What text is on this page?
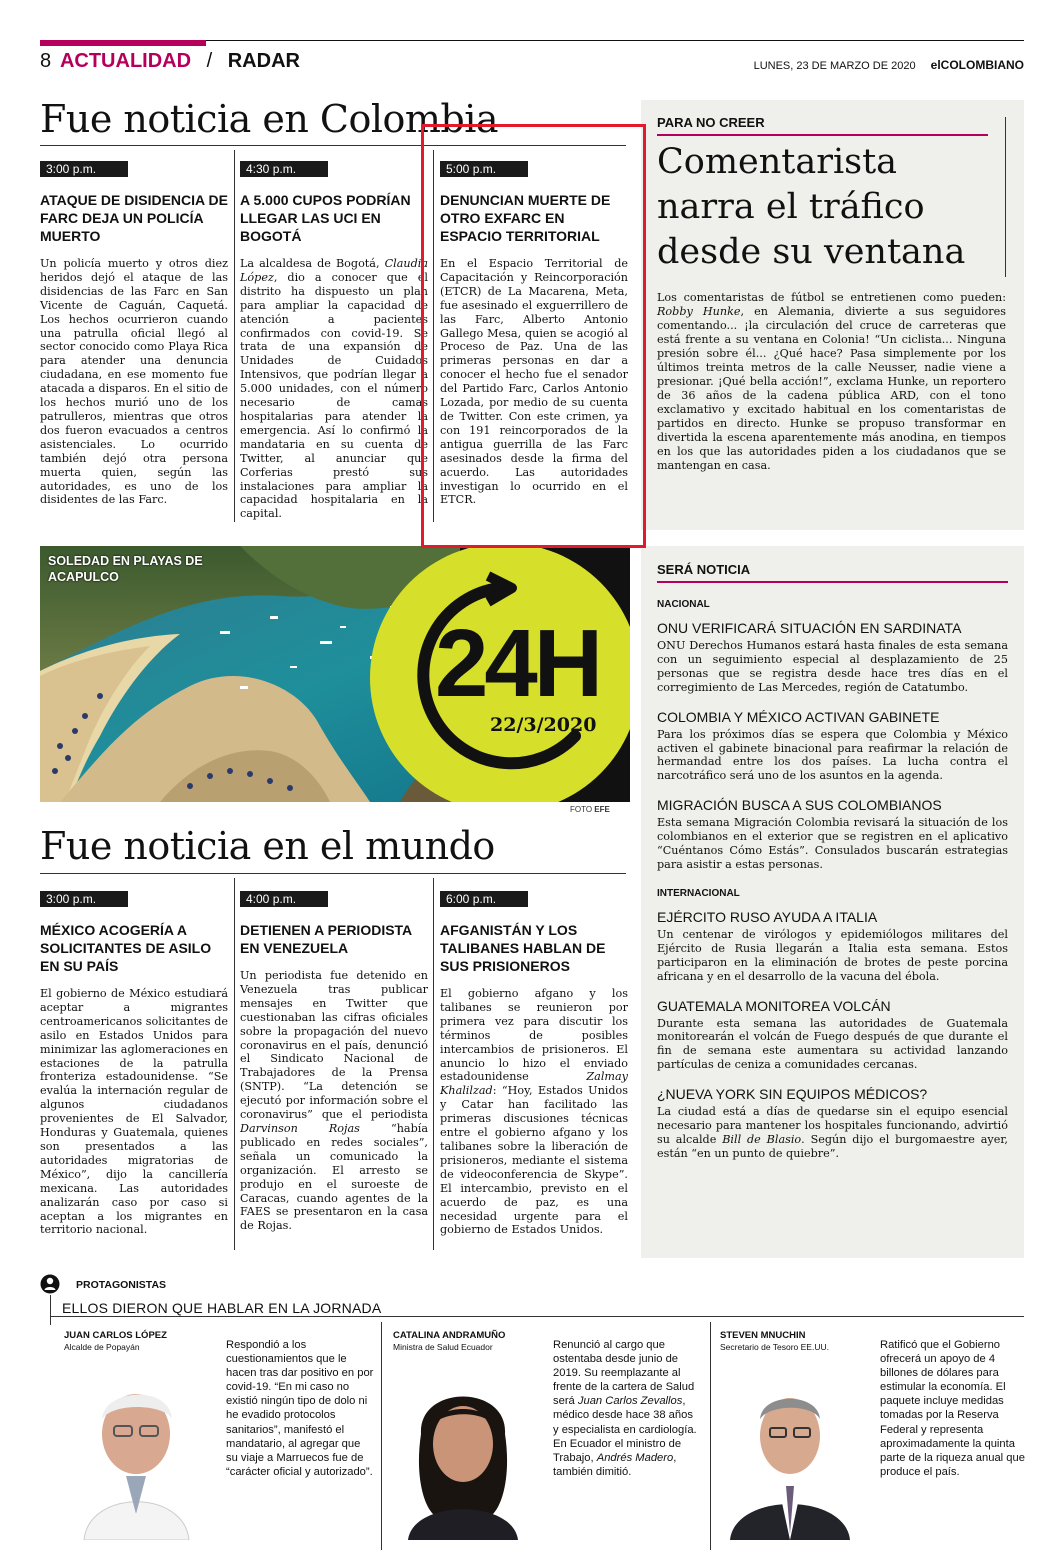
8 ACTUALIDAD / RADAR	LUNES, 23 DE MARZO DE 2020 elCOLOMBIANO
Fue noticia en Colombia
3:00 p.m.
ATAQUE DE DISIDENCIA DE FARC DEJA UN POLICÍA MUERTO
Un policía muerto y otros diez heridos dejó el ataque de las disidencias de las Farc en San Vicente de Caguán, Caquetá. Los hechos ocurrieron cuando una patrulla oficial llegó al sector conocido como Playa Rica para atender una denuncia ciudadana, en ese momento fue atacada a disparos. En el sitio de los hechos murió uno de los patrulleros, mientras que otros dos fueron evacuados a centros asistenciales. Lo ocurrido también dejó otra persona muerta quien, según las autoridades, es uno de los disidentes de las Farc.
4:30 p.m.
A 5.000 CUPOS PODRÍAN LLEGAR LAS UCI EN BOGOTÁ
La alcaldesa de Bogotá, Claudia López, dio a conocer que el distrito ha dispuesto un plan para ampliar la capacidad de atención a pacientes confirmados con covid-19. Se trata de una expansión de Unidades de Cuidados Intensivos, que podrían llegar a 5.000 unidades, con el número necesario de camas hospitalarias para atender la emergencia. Así lo confirmó la mandataria en su cuenta de Twitter, al anunciar que Corferias prestó sus instalaciones para ampliar la capacidad hospitalaria en la capital.
5:00 p.m.
DENUNCIAN MUERTE DE OTRO EXFARC EN ESPACIO TERRITORIAL
En el Espacio Territorial de Capacitación y Reincorporación (ETCR) de La Macarena, Meta, fue asesinado el exguerrillero de las Farc, Alberto Antonio Gallego Mesa, quien se acogió al Proceso de Paz. Una de las primeras personas en dar a conocer el hecho fue el senador del Partido Farc, Carlos Antonio Lozada, por medio de su cuenta de Twitter. Con este crimen, ya con 191 reincorporados de la antigua guerrilla de las Farc asesinados desde la firma del acuerdo. Las autoridades investigan lo ocurrido en el ETCR.
PARA NO CREER
Comentarista narra el tráfico desde su ventana
Los comentaristas de fútbol se entretienen como pueden: Robby Hunke, en Alemania, divierte a sus seguidores comentando... ¡la circulación del cruce de carreteras que está frente a su ventana en Colonia! “Un ciclista... Ninguna presión sobre él... ¿Qué hace? Pasa simplemente por los últimos treinta metros de la calle Neusser, nadie viene a presionar. ¡Qué bella acción!”, exclama Hunke, un reportero de 36 años de la cadena pública ARD, con el tono exclamativo y excitado habitual en los comentaristas de partidos en directo. Hunke se propuso transformar en divertida la escena aparentemente más anodina, en tiempos en los que las autoridades piden a los ciudadanos que se mantengan en casa.
24H
22/3/2020
SOLEDAD EN PLAYAS DE ACAPULCO
FOTO EFE
Fue noticia en el mundo
3:00 p.m.
MÉXICO ACOGERÍA A SOLICITANTES DE ASILO EN SU PAÍS
El gobierno de México estudiará aceptar a migrantes centroamericanos solicitantes de asilo en Estados Unidos para minimizar las aglomeraciones en estaciones de la patrulla fronteriza estadounidense. “Se evalúa la internación regular de algunos ciudadanos provenientes de El Salvador, Honduras y Guatemala, quienes son presentados a las autoridades migratorias de México”, dijo la cancillería mexicana. Las autoridades analizarán caso por caso si aceptan a los migrantes en territorio nacional.
4:00 p.m.
DETIENEN A PERIODISTA EN VENEZUELA
Un periodista fue detenido en Venezuela tras publicar mensajes en Twitter que cuestionaban las cifras oficiales sobre la propagación del nuevo coronavirus en el país, denunció el Sindicato Nacional de Trabajadores de la Prensa (SNTP). “La detención se ejecutó por información sobre el coronavirus” que el periodista Darvinson Rojas “había publicado en redes sociales”, señala un comunicado la organización. El arresto se produjo en el suroeste de Caracas, cuando agentes de la FAES se presentaron en la casa de Rojas.
6:00 p.m.
AFGANISTÁN Y LOS TALIBANES HABLAN DE SUS PRISIONEROS
El gobierno afgano y los talibanes se reunieron por primera vez para discutir los términos de posibles intercambios de prisioneros. El anuncio lo hizo el enviado estadounidense Zalmay Khalilzad: “Hoy, Estados Unidos y Catar han facilitado las primeras discusiones técnicas entre el gobierno afgano y los talibanes sobre la liberación de prisioneros, mediante el sistema de videoconferencia de Skype”. El intercambio, previsto en el acuerdo de paz, es una necesidad urgente para el gobierno de Estados Unidos.
SERÁ NOTICIA
NACIONAL
ONU VERIFICARÁ SITUACIÓN EN SARDINATA
ONU Derechos Humanos estará hasta finales de esta semana con un seguimiento especial al desplazamiento de 25 personas que se registra desde hace tres días en el corregimiento de Las Mercedes, región de Catatumbo.
COLOMBIA Y MÉXICO ACTIVAN GABINETE
Para los próximos días se espera que Colombia y México activen el gabinete binacional para reafirmar la relación de hermandad entre los dos países. La lucha contra el narcotráfico será uno de los asuntos en la agenda.
MIGRACIÓN BUSCA A SUS COLOMBIANOS
Esta semana Migración Colombia revisará la situación de los colombianos en el exterior que se registren en el aplicativo “Cuéntanos Cómo Estás”. Consulados buscarán estrategias para asistir a estas personas.
INTERNACIONAL
EJÉRCITO RUSO AYUDA A ITALIA
Un centenar de virólogos y epidemiólogos militares del Ejército de Rusia llegarán a Italia esta semana. Estos participaron en la eliminación de brotes de peste porcina africana y en el desarrollo de la vacuna del ébola.
GUATEMALA MONITOREA VOLCÁN
Durante esta semana las autoridades de Guatemala monitorearán el volcán de Fuego después de que durante el fin de semana este aumentara su actividad lanzando partículas de ceniza a comunidades cercanas.
¿NUEVA YORK SIN EQUIPOS MÉDICOS?
La ciudad está a días de quedarse sin el equipo esencial necesario para mantener los hospitales funcionando, advirtió su alcalde Bill de Blasio. Según dijo el burgomaestre ayer, están “en un punto de quiebre”.
PROTAGONISTAS
ELLOS DIERON QUE HABLAR EN LA JORNADA
JUAN CARLOS LÓPEZ
Alcalde de Popayán	Respondió a los cuestionamientos que le hacen tras dar positivo en por covid-19. “En mi caso no existió ningún tipo de dolo ni he evadido protocolos sanitarios”, manifestó el mandatario, al agregar que su viaje a Marruecos fue de “carácter oficial y autorizado”.
CATALINA ANDRAMUÑO
Ministra de Salud Ecuador	Renunció al cargo que ostentaba desde junio de 2019. Su reemplazante al frente de la cartera de Salud será Juan Carlos Zevallos, médico desde hace 38 años y especialista en cardiología. En Ecuador el ministro de Trabajo, Andrés Madero, también dimitió.
STEVEN MNUCHIN
Secretario de Tesoro EE.UU.	Ratificó que el Gobierno ofrecerá un apoyo de 4 billones de dólares para estimular la economía. El paquete incluye medidas tomadas por la Reserva Federal y representa aproximadamente la quinta parte de la riqueza anual que produce el país.
